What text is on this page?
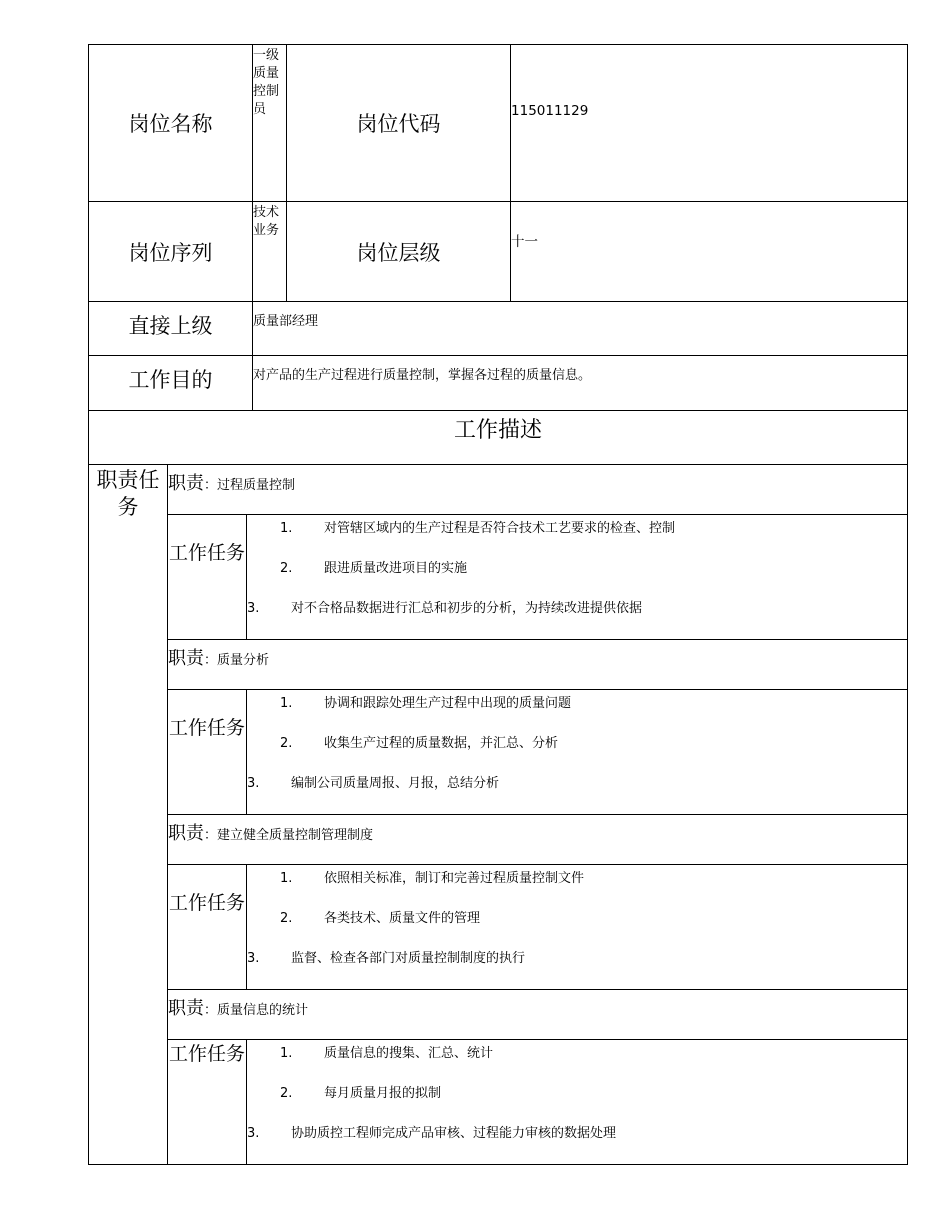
岗位名称			一级质量控制员	岗位代码	115011129
岗位序列			技术业务	岗位层级	十一
直接上级			质量部经理		
工作目的			对产品的生产过程进行质量控制，掌握各过程的质量信息。		
工作描述					
职责任务	职责：过程质量控制				
	工作任务	1. 对管辖区域内的生产过程是否符合技术工艺要求的检查、控制
2. 跟进质量改进项目的实施
3. 对不合格品数据进行汇总和初步的分析，为持续改进提供依据			

	职责：质量分析				
	工作任务	1. 协调和跟踪处理生产过程中出现的质量问题
2. 收集生产过程的质量数据，并汇总、分析
3. 编制公司质量周报、月报，总结分析			

	职责：建立健全质量控制管理制度				
	工作任务	1. 依照相关标准，制订和完善过程质量控制文件
2. 各类技术、质量文件的管理
3. 监督、检查各部门对质量控制制度的执行			

	职责：质量信息的统计				
	工作任务	1. 质量信息的搜集、汇总、统计
2. 每月质量月报的拟制
3. 协助质控工程师完成产品审核、过程能力审核的数据处理			
